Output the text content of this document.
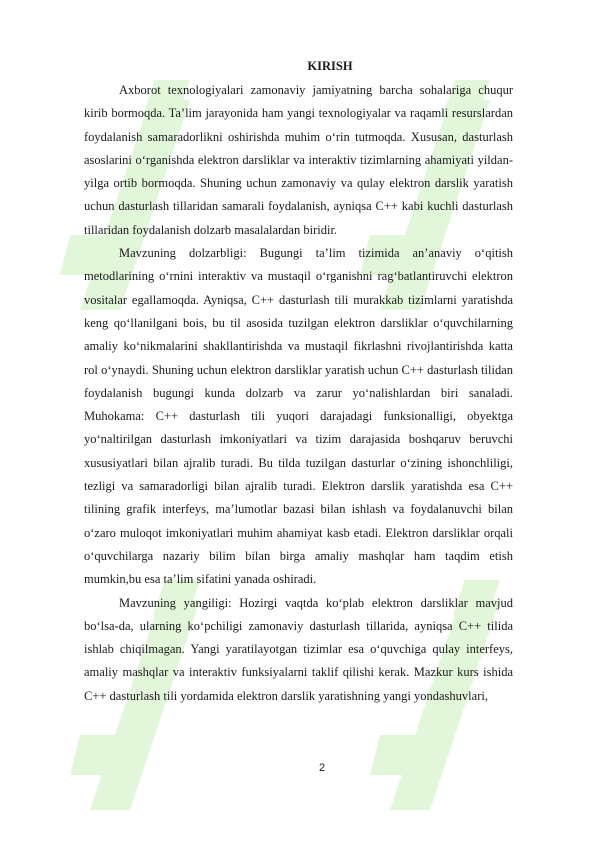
KIRISH

Axborot texnologiyalari zamonaviy jamiyatning barcha sohalariga chuqur kirib bormoqda. Ta’lim jarayonida ham yangi texnologiyalar va raqamli resurslardan foydalanish samaradorlikni oshirishda muhim o‘rin tutmoqda. Xususan, dasturlash asoslarini o‘rganishda elektron darsliklar va interaktiv tizimlarning ahamiyati yildan-yilga ortib bormoqda. Shuning uchun zamonaviy va qulay elektron darslik yaratish uchun dasturlash tillaridan samarali foydalanish, ayniqsa C++ kabi kuchli dasturlash tillaridan foydalanish dolzarb masalalardan biridir.

Mavzuning dolzarbligi: Bugungi ta’lim tizimida an’anaviy o‘qitish metodlarining o‘rnini interaktiv va mustaqil o‘rganishni rag‘batlantiruvchi elektron vositalar egallamoqda. Ayniqsa, C++ dasturlash tili murakkab tizimlarni yaratishda keng qo‘llanilgani bois, bu til asosida tuzilgan elektron darsliklar o‘quvchilarning amaliy ko‘nikmalarini shakllantirishda va mustaqil fikrlashni rivojlantirishda katta rol o‘ynaydi. Shuning uchun elektron darsliklar yaratish uchun C++ dasturlash tilidan foydalanish bugungi kunda dolzarb va zarur yo‘nalishlardan biri sanaladi. Muhokama: C++ dasturlash tili yuqori darajadagi funksionalligi, obyektga yo‘naltirilgan dasturlash imkoniyatlari va tizim darajasida boshqaruv beruvchi xususiyatlari bilan ajralib turadi. Bu tilda tuzilgan dasturlar o‘zining ishonchliligi, tezligi va samaradorligi bilan ajralib turadi. Elektron darslik yaratishda esa C++ tilining grafik interfeys, ma’lumotlar bazasi bilan ishlash va foydalanuvchi bilan o‘zaro muloqot imkoniyatlari muhim ahamiyat kasb etadi. Elektron darsliklar orqali o‘quvchilarga nazariy bilim bilan birga amaliy mashqlar ham taqdim etish mumkin,bu esa ta’lim sifatini yanada oshiradi.

Mavzuning yangiligi: Hozirgi vaqtda ko‘plab elektron darsliklar mavjud bo‘lsa-da, ularning ko‘pchiligi zamonaviy dasturlash tillarida, ayniqsa C++ tilida ishlab chiqilmagan. Yangi yaratilayotgan tizimlar esa o‘quvchiga qulay interfeys, amaliy mashqlar va interaktiv funksiyalarni taklif qilishi kerak. Mazkur kurs ishida C++ dasturlash tili yordamida elektron darslik yaratishning yangi yondashuvlari,

2
